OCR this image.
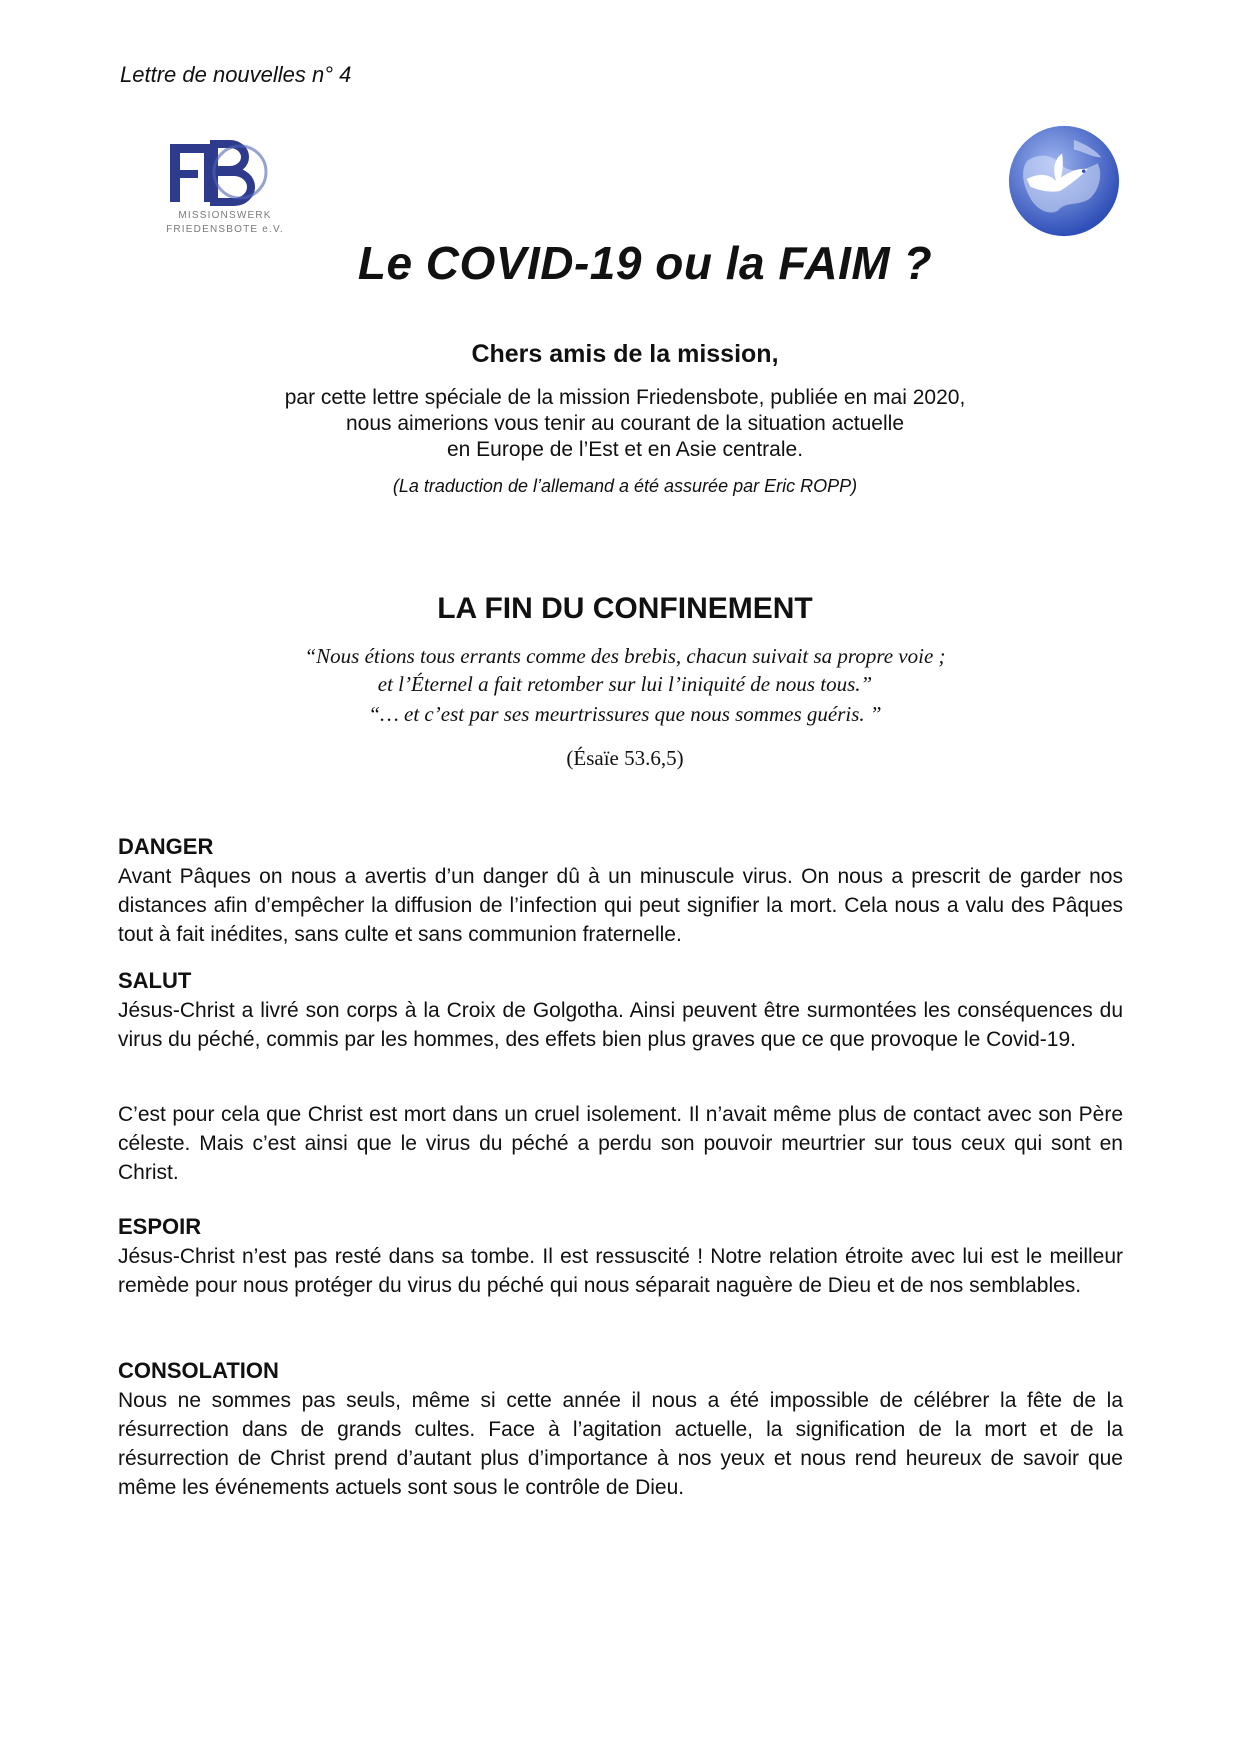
Lettre de nouvelles n° 4
MISSIONSWERK
FRIEDENSBOTE e.V.
Le COVID-19 ou la FAIM ?
Chers amis de la mission,
par cette lettre spéciale de la mission Friedensbote, publiée en mai 2020,
nous aimerions vous tenir au courant de la situation actuelle
en Europe de l’Est et en Asie centrale.
(La traduction de l’allemand a été assurée par Eric ROPP)
LA FIN DU CONFINEMENT
“Nous étions tous errants comme des brebis, chacun suivait sa propre voie ;
et l’Éternel a fait retomber sur lui l’iniquité de nous tous.”
“… et c’est par ses meurtrissures que nous sommes guéris. ”
(Ésaïe 53.6,5)

DANGER

Avant Pâques on nous a avertis d’un danger dû à un minuscule virus. On nous a prescrit de garder nos distances afin d’empêcher la diffusion de l’infection qui peut signifier la mort. Cela nous a valu des Pâques tout à fait inédites, sans culte et sans communion fraternelle.

SALUT

Jésus-Christ a livré son corps à la Croix de Golgotha. Ainsi peuvent être surmontées les conséquences du virus du péché, commis par les hommes, des effets bien plus graves que ce que provoque le Covid-19.

C’est pour cela que Christ est mort dans un cruel isolement. Il n’avait même plus de contact avec son Père céleste. Mais c’est ainsi que le virus du péché a perdu son pouvoir meurtrier sur tous ceux qui sont en Christ.

ESPOIR

Jésus-Christ n’est pas resté dans sa tombe. Il est ressuscité ! Notre relation étroite avec lui est le meilleur remède pour nous protéger du virus du péché qui nous séparait naguère de Dieu et de nos semblables.

CONSOLATION

Nous ne sommes pas seuls, même si cette année il nous a été impossible de célébrer la fête de la résurrection dans de grands cultes. Face à l’agitation actuelle, la signification de la mort et de la résurrection de Christ prend d’autant plus d’importance à nos yeux et nous rend heureux de savoir que même les événements actuels sont sous le contrôle de Dieu.
